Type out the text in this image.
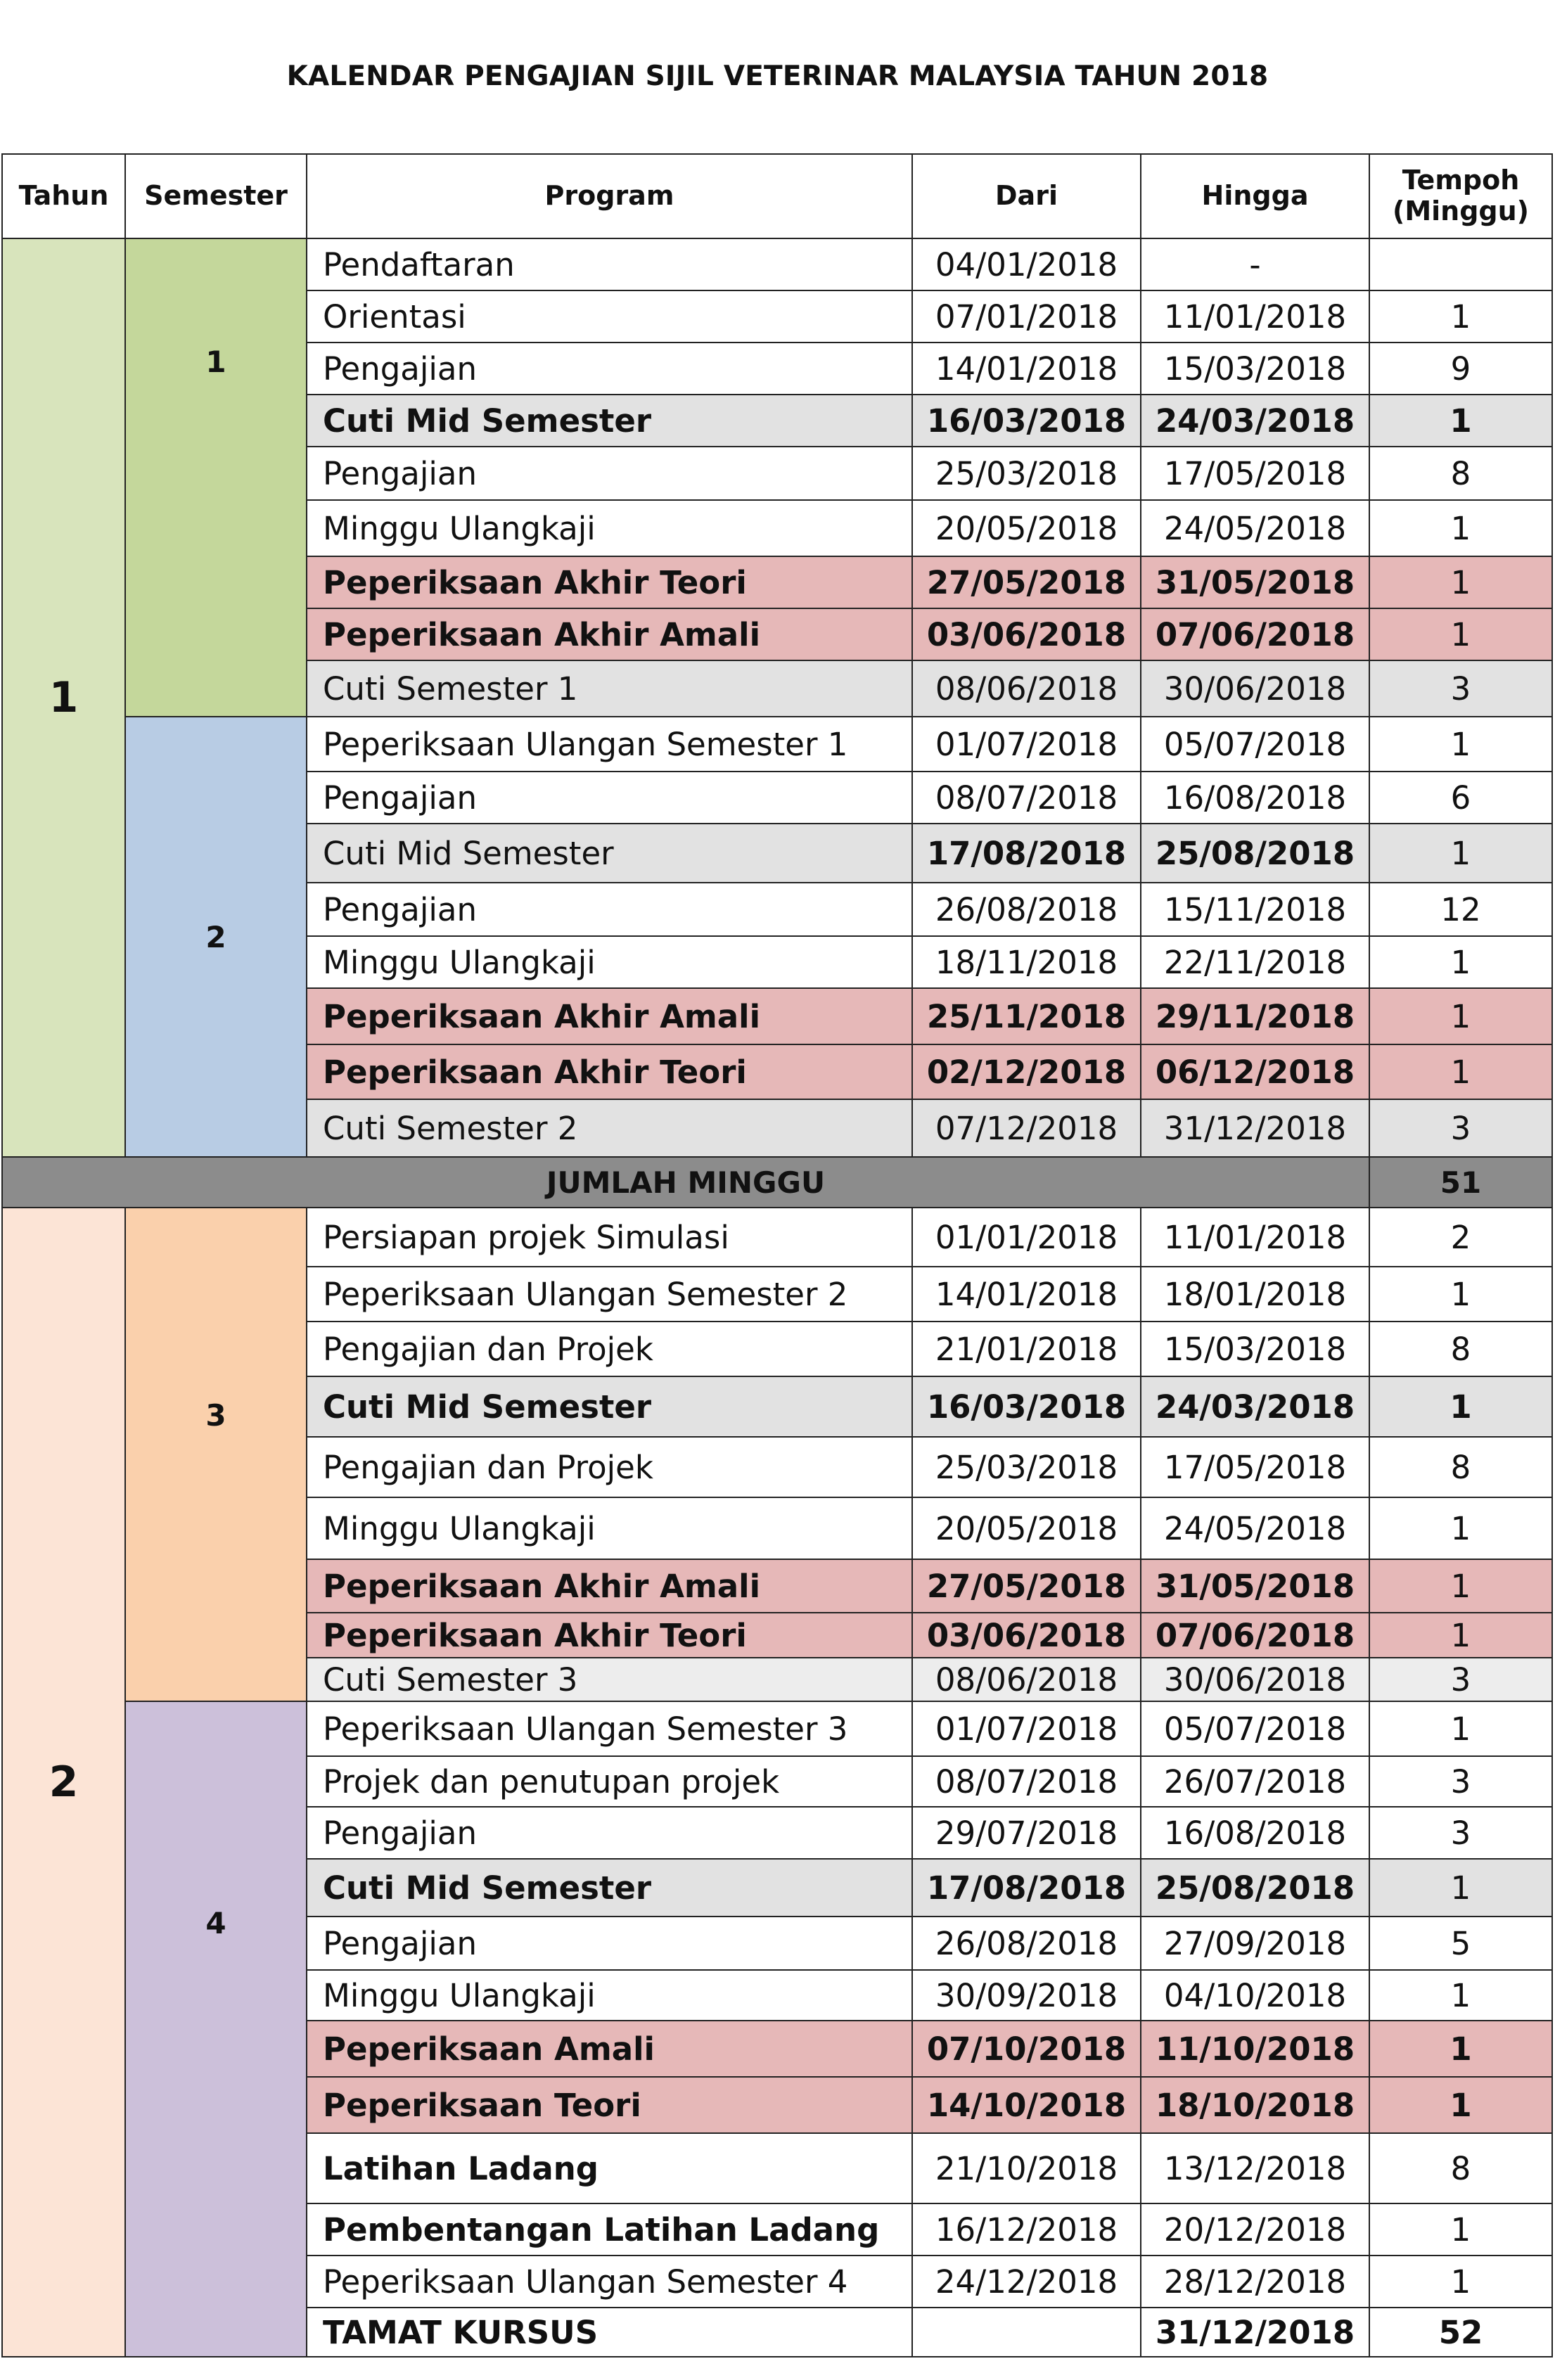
KALENDAR PENGAJIAN SIJIL VETERINAR MALAYSIA TAHUN 2018
Tahun	Semester	Program	Dari	Hingga	Tempoh
(Minggu)
1	1	Pendaftaran	04/01/2018	-	
		Orientasi	07/01/2018	11/01/2018	1
		Pengajian	14/01/2018	15/03/2018	9
		Cuti Mid Semester	16/03/2018	24/03/2018	1
		Pengajian	25/03/2018	17/05/2018	8
		Minggu Ulangkaji	20/05/2018	24/05/2018	1
		Peperiksaan Akhir Teori	27/05/2018	31/05/2018	1
		Peperiksaan Akhir Amali	03/06/2018	07/06/2018	1
		Cuti Semester 1	08/06/2018	30/06/2018	3
	2	Peperiksaan Ulangan Semester 1	01/07/2018	05/07/2018	1
		Pengajian	08/07/2018	16/08/2018	6
		Cuti Mid Semester	17/08/2018	25/08/2018	1
		Pengajian	26/08/2018	15/11/2018	12
		Minggu Ulangkaji	18/11/2018	22/11/2018	1
		Peperiksaan Akhir Amali	25/11/2018	29/11/2018	1
		Peperiksaan Akhir Teori	02/12/2018	06/12/2018	1
		Cuti Semester 2	07/12/2018	31/12/2018	3
JUMLAH MINGGU					51
2	3	Persiapan projek Simulasi	01/01/2018	11/01/2018	2
		Peperiksaan Ulangan Semester 2	14/01/2018	18/01/2018	1
		Pengajian dan Projek	21/01/2018	15/03/2018	8
		Cuti Mid Semester	16/03/2018	24/03/2018	1
		Pengajian dan Projek	25/03/2018	17/05/2018	8
		Minggu Ulangkaji	20/05/2018	24/05/2018	1
		Peperiksaan Akhir Amali	27/05/2018	31/05/2018	1
		Peperiksaan Akhir Teori	03/06/2018	07/06/2018	1
		Cuti Semester 3	08/06/2018	30/06/2018	3
	4	Peperiksaan Ulangan Semester 3	01/07/2018	05/07/2018	1
		Projek dan penutupan projek	08/07/2018	26/07/2018	3
		Pengajian	29/07/2018	16/08/2018	3
		Cuti Mid Semester	17/08/2018	25/08/2018	1
		Pengajian	26/08/2018	27/09/2018	5
		Minggu Ulangkaji	30/09/2018	04/10/2018	1
		Peperiksaan Amali	07/10/2018	11/10/2018	1
		Peperiksaan Teori	14/10/2018	18/10/2018	1
		Latihan Ladang	21/10/2018	13/12/2018	8
		Pembentangan Latihan Ladang	16/12/2018	20/12/2018	1
		Peperiksaan Ulangan Semester 4	24/12/2018	28/12/2018	1
		TAMAT KURSUS		31/12/2018	52
